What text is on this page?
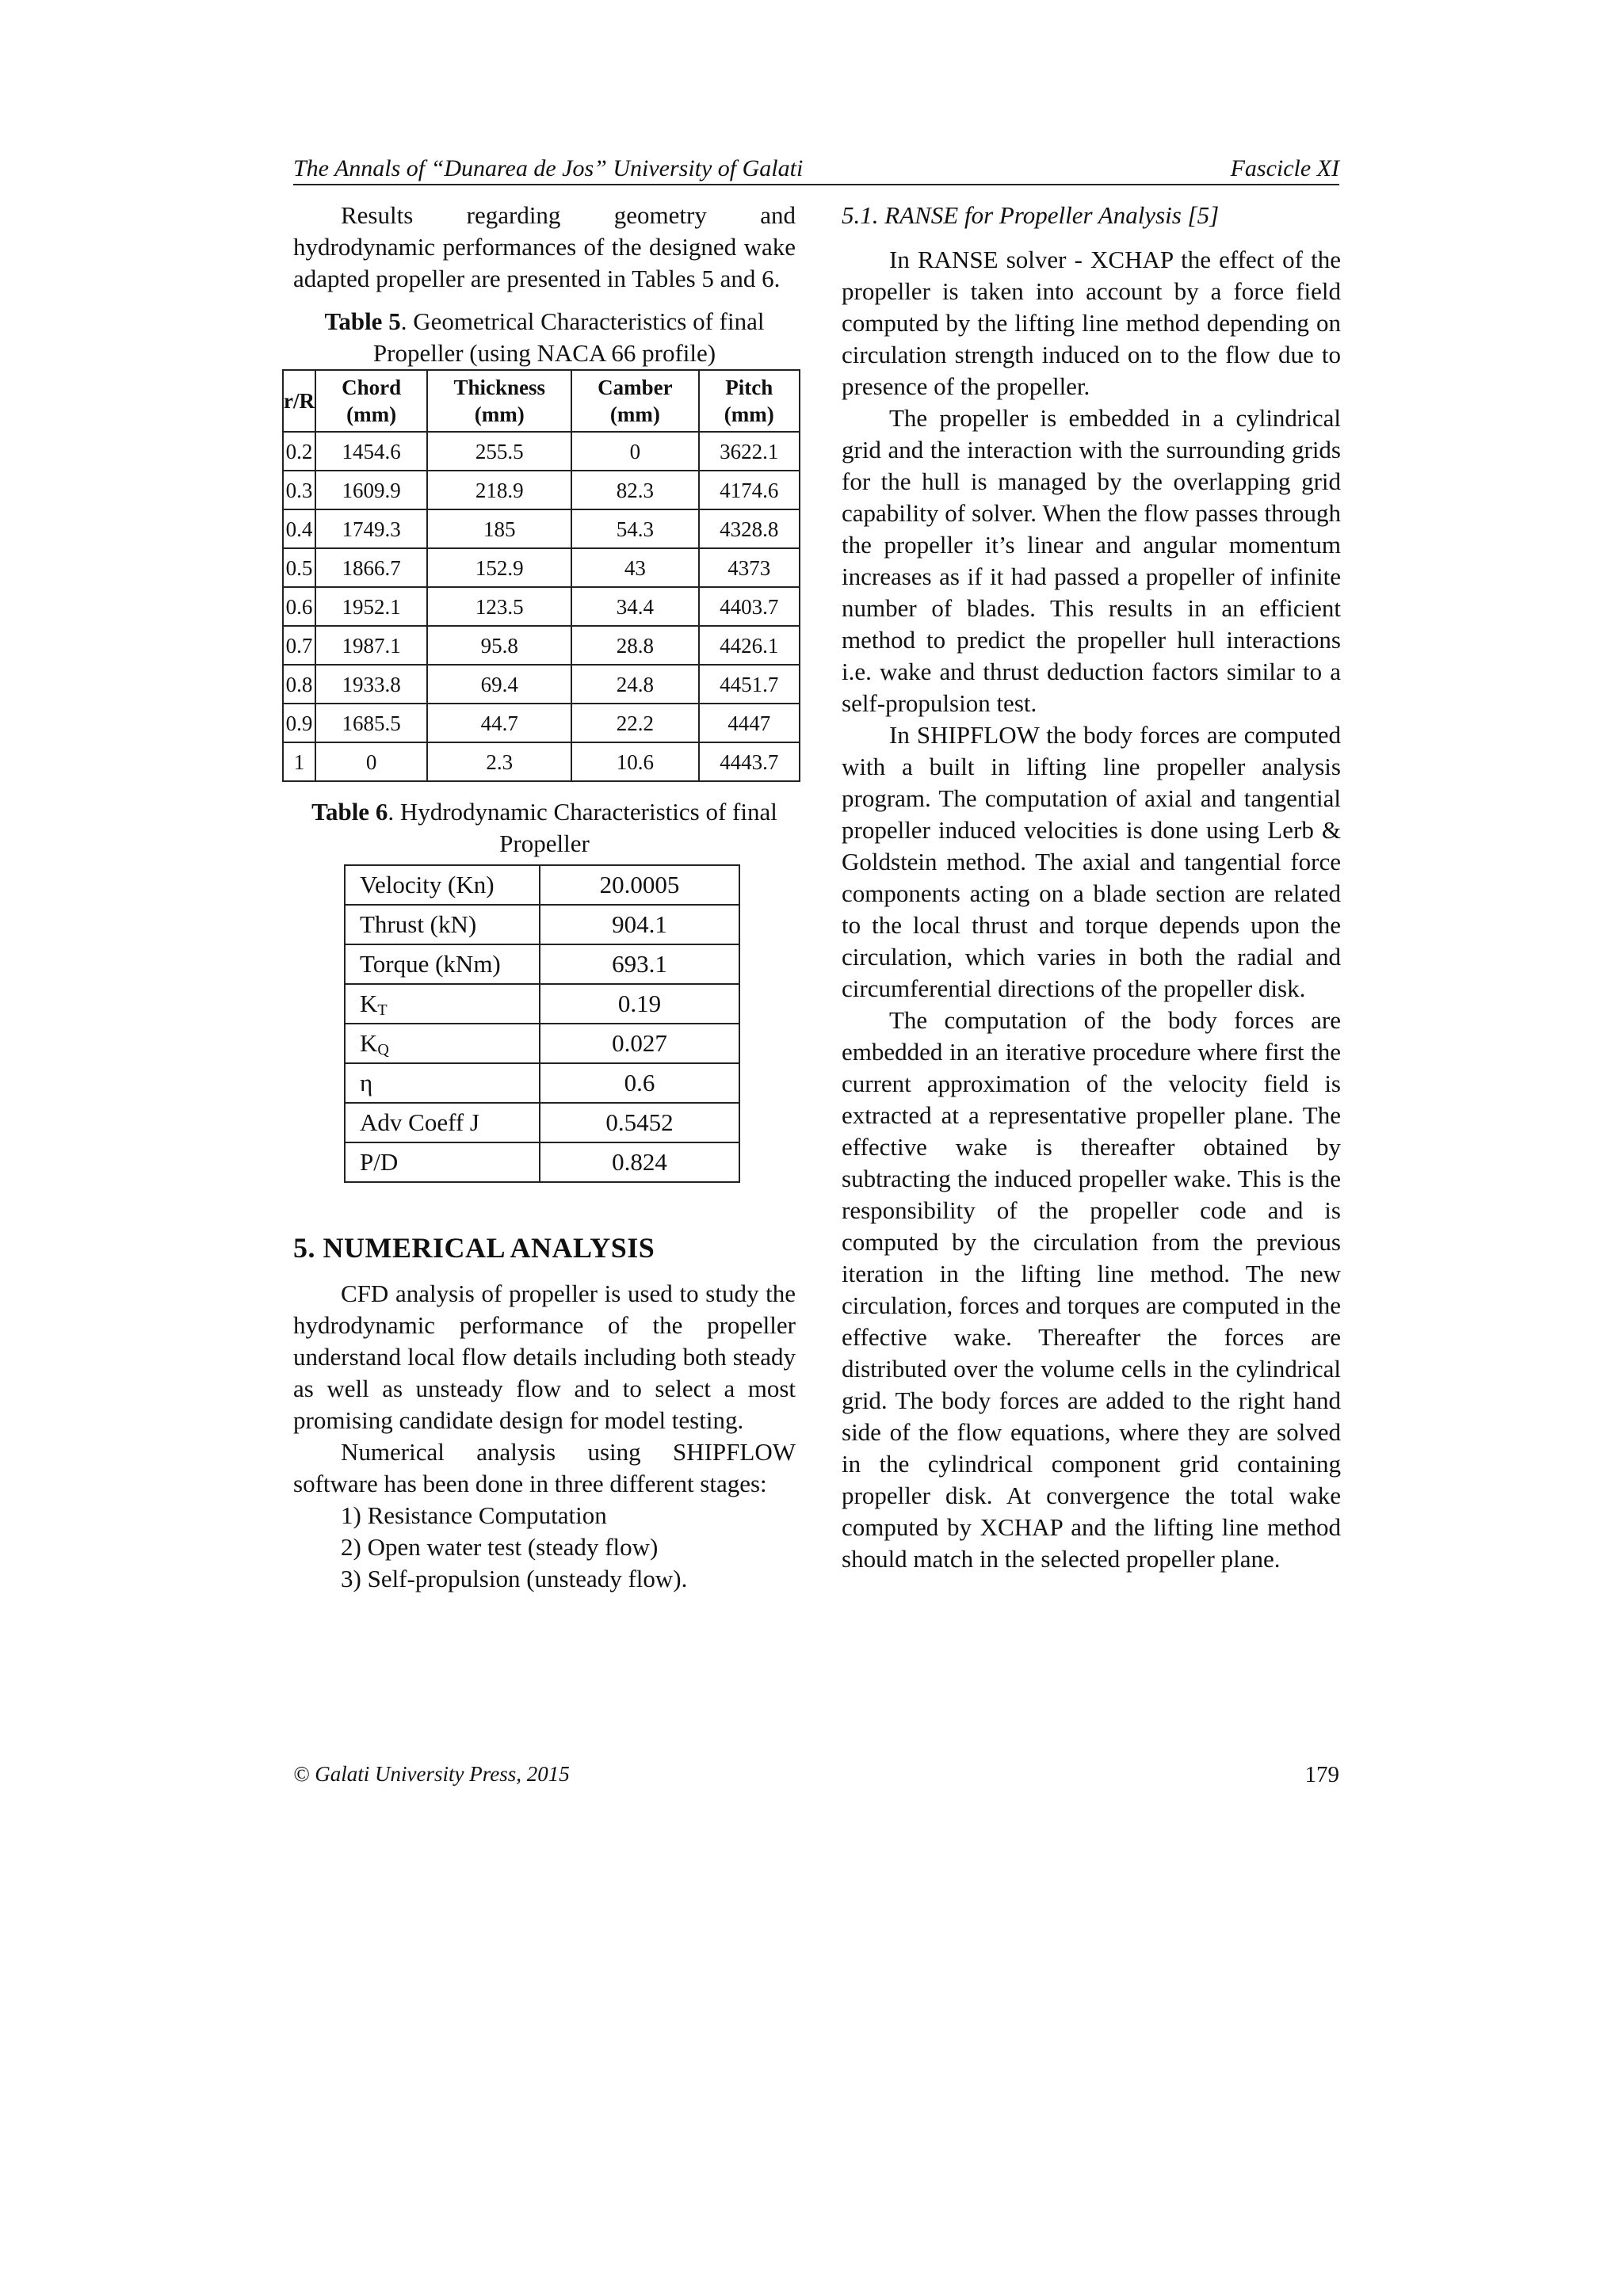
The Annals of “Dunarea de Jos” University of Galati	Fascicle XI

Results regarding geometry and hydrodynamic performances of the designed wake adapted propeller are presented in Tables 5 and 6.

Table 5. Geometrical Characteristics of final Propeller (using NACA 66 profile)
r/R	Chord (mm)	Thickness (mm)	Camber (mm)	Pitch (mm)
0.2	1454.6	255.5	0	3622.1
0.3	1609.9	218.9	82.3	4174.6
0.4	1749.3	185	54.3	4328.8
0.5	1866.7	152.9	43	4373
0.6	1952.1	123.5	34.4	4403.7
0.7	1987.1	95.8	28.8	4426.1
0.8	1933.8	69.4	24.8	4451.7
0.9	1685.5	44.7	22.2	4447
1	0	2.3	10.6	4443.7
Table 6. Hydrodynamic Characteristics of final Propeller
Velocity (Kn)	20.0005
Thrust (kN)	904.1
Torque (kNm)	693.1
$K_T$	0.19
$K_Q$	0.027
η	0.6
Adv Coeff J	0.5452
P/D	0.824
5. NUMERICAL ANALYSIS

CFD analysis of propeller is used to study the hydrodynamic performance of the propeller understand local flow details including both steady as well as unsteady flow and to select a most promising candidate design for model testing.

Numerical analysis using SHIPFLOW software has been done in three different stages:

1) Resistance Computation
2) Open water test (steady flow)
3) Self-propulsion (unsteady flow).
5.1. RANSE for Propeller Analysis [5]

In RANSE solver - XCHAP the effect of the propeller is taken into account by a force field computed by the lifting line method depending on circulation strength induced on to the flow due to presence of the propeller.

The propeller is embedded in a cylindrical grid and the interaction with the surrounding grids for the hull is managed by the overlapping grid capability of solver. When the flow passes through the propeller it’s linear and angular momentum increases as if it had passed a propeller of infinite number of blades. This results in an efficient method to predict the propeller hull interactions i.e. wake and thrust deduction factors similar to a self-propulsion test.

In SHIPFLOW the body forces are computed with a built in lifting line propeller analysis program. The computation of axial and tangential propeller induced velocities is done using Lerb & Goldstein method. The axial and tangential force components acting on a blade section are related to the local thrust and torque depends upon the circulation, which varies in both the radial and circumferential directions of the propeller disk.

The computation of the body forces are embedded in an iterative procedure where first the current approximation of the velocity field is extracted at a representative propeller plane. The effective wake is thereafter obtained by subtracting the induced propeller wake. This is the responsibility of the propeller code and is computed by the circulation from the previous iteration in the lifting line method. The new circulation, forces and torques are computed in the effective wake. Thereafter the forces are distributed over the volume cells in the cylindrical grid. The body forces are added to the right hand side of the flow equations, where they are solved in the cylindrical component grid containing propeller disk. At convergence the total wake computed by XCHAP and the lifting line method should match in the selected propeller plane.

© Galati University Press, 2015	179
